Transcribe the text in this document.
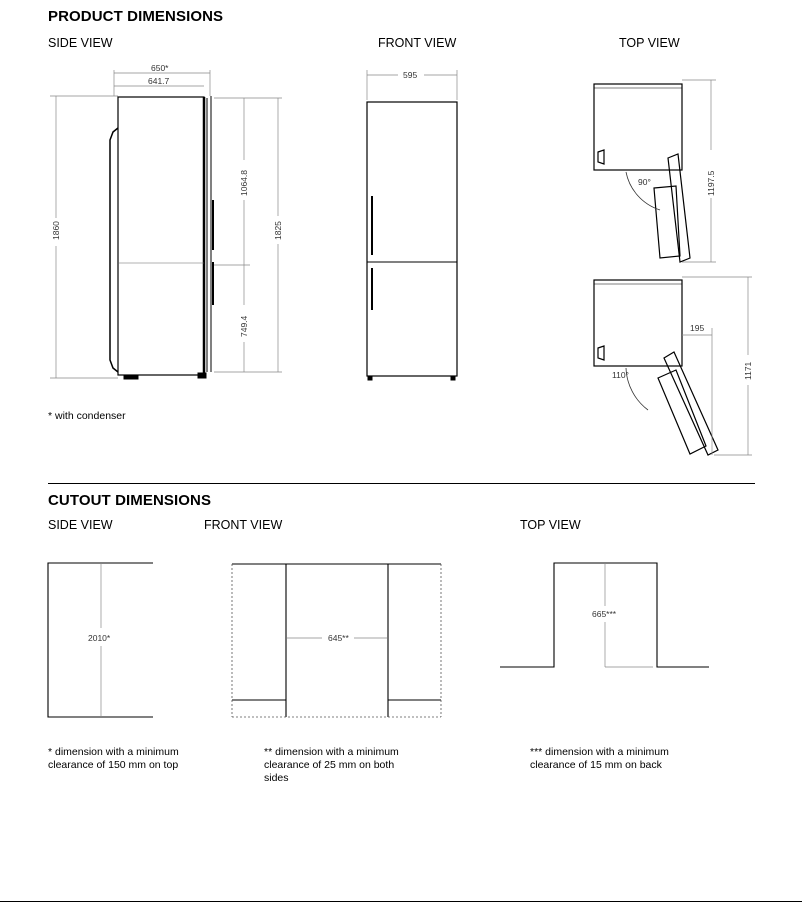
PRODUCT DIMENSIONS
SIDE VIEW	FRONT VIEW	TOP VIEW
650*
641.7
1860	1825
1064.8
749.4
595
90°	1197.5
110°
195
1171
* with condenser
CUTOUT DIMENSIONS
SIDE VIEW	FRONT VIEW	TOP VIEW
2010*	645**
665***
* dimension with a minimum
clearance of 150 mm on top
** dimension with a minimum
clearance of 25 mm on both
sides
*** dimension with a minimum
clearance of 15 mm on back
